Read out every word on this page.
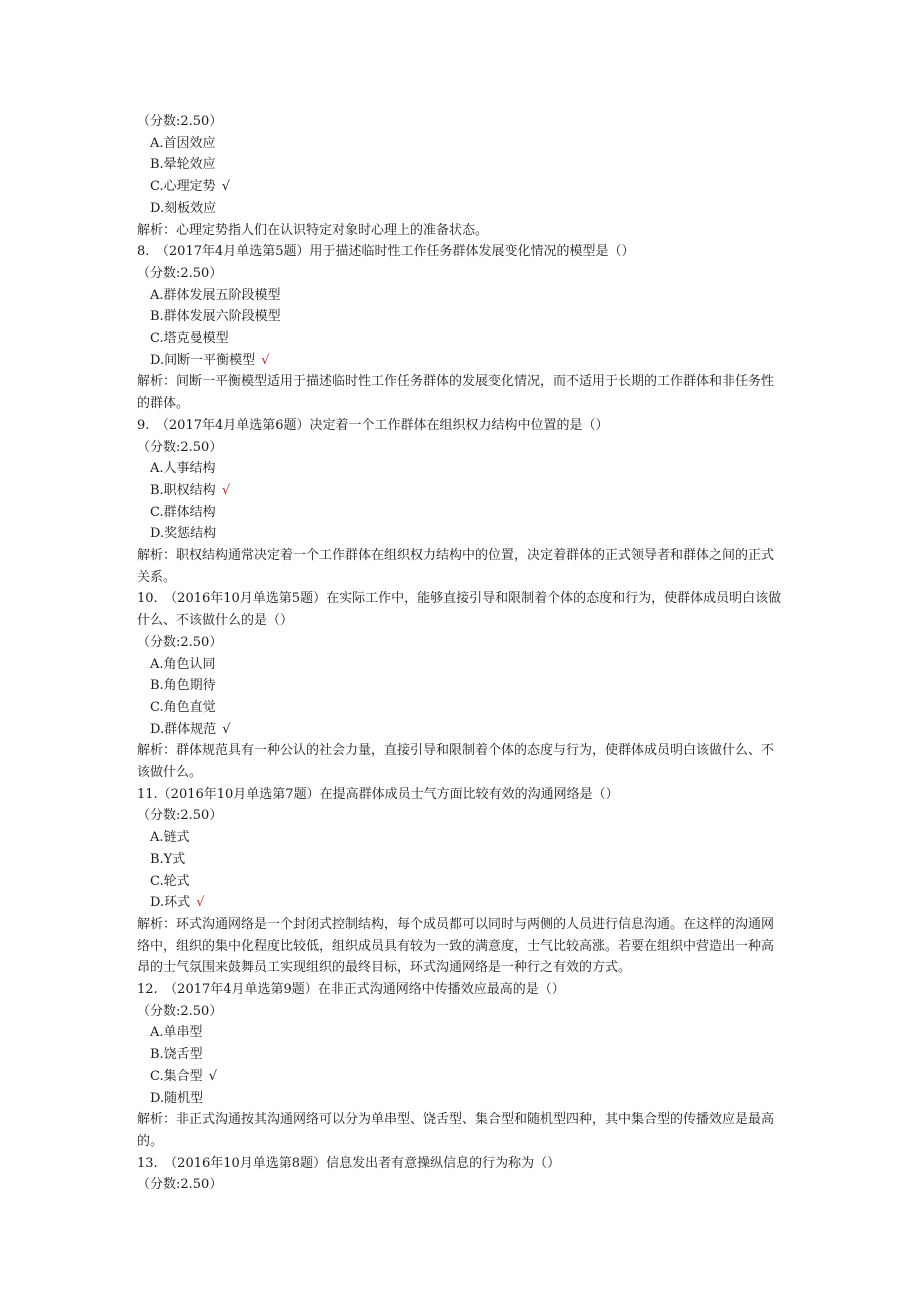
（分数:2.50）
A.首因效应
B.晕轮效应
C.心理定势 √
D.刻板效应
解析：心理定势指人们在认识特定对象时心理上的准备状态。
8.　（2017年4月单选第5题）用于描述临时性工作任务群体发展变化情况的模型是（）
（分数:2.50）
A.群体发展五阶段模型
B.群体发展六阶段模型
C.塔克曼模型
D.间断一平衡模型 √
解析：间断一平衡模型适用于描述临时性工作任务群体的发展变化情况，而不适用于长期的工作群体和非任务性
的群体。
9.　（2017年4月单选第6题）决定着一个工作群体在组织权力结构中位置的是（）
（分数:2.50）
A.人事结构
B.职权结构 √
C.群体结构
D.奖惩结构
解析：职权结构通常决定着一个工作群体在组织权力结构中的位置，决定着群体的正式领导者和群体之间的正式
关系。
10.　（2016年10月单选第5题）在实际工作中，能够直接引导和限制着个体的态度和行为，使群体成员明白该做
什么、不该做什么的是（）
（分数:2.50）
A.角色认同
B.角色期待
C.角色直觉
D.群体规范 √
解析：群体规范具有一种公认的社会力量，直接引导和限制着个体的态度与行为，使群体成员明白该做什么、不
该做什么。
11.（2016年10月单选第7题）在提高群体成员士气方面比较有效的沟通网络是（）
（分数:2.50）
A.链式
B.Y式
C.轮式
D.环式 √
解析：环式沟通网络是一个封闭式控制结构，每个成员都可以同时与两侧的人员进行信息沟通。在这样的沟通网
络中，组织的集中化程度比较低，组织成员具有较为一致的满意度，士气比较高涨。若要在组织中营造出一种高
昂的士气氛围来鼓舞员工实现组织的最终目标，环式沟通网络是一种行之有效的方式。
12.　（2017年4月单选第9题）在非正式沟通网络中传播效应最高的是（）
（分数:2.50）
A.单串型
B.饶舌型
C.集合型 √
D.随机型
解析：非正式沟通按其沟通网络可以分为单串型、饶舌型、集合型和随机型四种，其中集合型的传播效应是最高
的。
13.　（2016年10月单选第8题）信息发出者有意操纵信息的行为称为（）
（分数:2.50）
